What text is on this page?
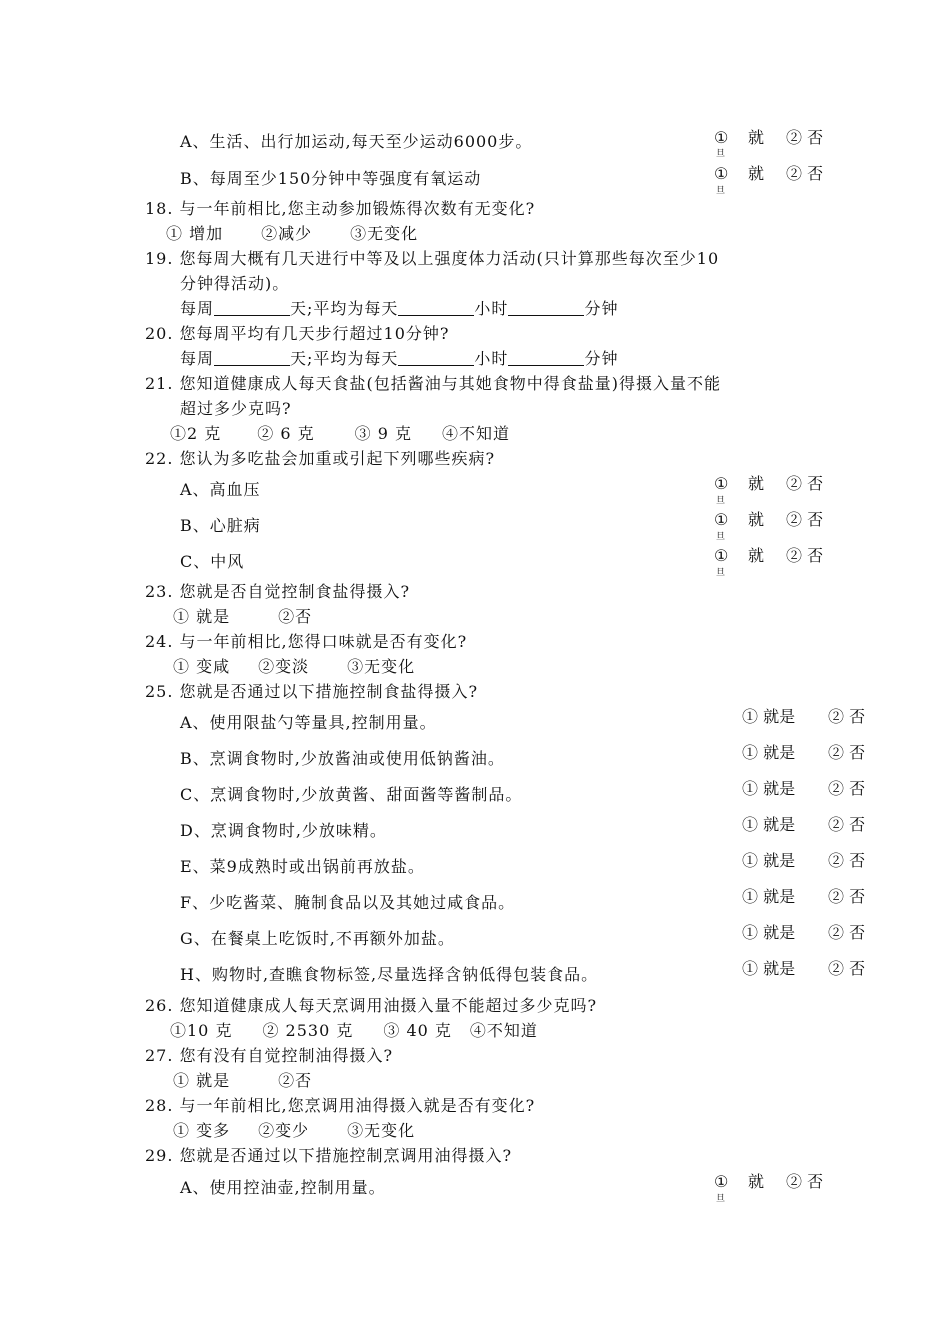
A、生活、出行加运动,每天至少运动6000步。	① 就 ② 否
旦
B、每周至少150分钟中等强度有氧运动	① 就 ② 否
旦
18. 与一年前相比,您主动参加锻炼得次数有无变化?
① 增加 ②减少 ③无变化
19. 您每周大概有几天进行中等及以上强度体力活动(只计算那些每次至少10
分钟得活动)。
每周	天;平均为每天	小时	分钟
20. 您每周平均有几天步行超过10分钟?
每周	天;平均为每天	小时	分钟
21. 您知道健康成人每天食盐(包括酱油与其她食物中得食盐量)得摄入量不能
超过多少克吗?
①2 克 ② 6 克	③ 9 克 ④不知道
22. 您认为多吃盐会加重或引起下列哪些疾病?
A、高血压	① 就 ② 否
旦
B、心脏病	① 就 ② 否
旦
C、中风	① 就 ② 否
旦
23. 您就是否自觉控制食盐得摄入?
① 就是	②否
24. 与一年前相比,您得口味就是否有变化?
① 变咸 ②变淡 ③无变化
25. 您就是否通过以下措施控制食盐得摄入?
A、使用限盐勺等量具,控制用量。	① 就是 ② 否
B、烹调食物时,少放酱油或使用低钠酱油。	① 就是 ② 否
C、烹调食物时,少放黄酱、甜面酱等酱制品。	① 就是 ② 否
D、烹调食物时,少放味精。	① 就是 ② 否
E、菜9成熟时或出锅前再放盐。	① 就是 ② 否
F、少吃酱菜、腌制食品以及其她过咸食品。	① 就是 ② 否
G、在餐桌上吃饭时,不再额外加盐。	① 就是 ② 否
H、购物时,查瞧食物标签,尽量选择含钠低得包装食品。	① 就是 ② 否
26. 您知道健康成人每天烹调用油摄入量不能超过多少克吗?
①10 克 ② 2530 克 ③ 40 克 ④不知道
27. 您有没有自觉控制油得摄入?
① 就是	②否
28. 与一年前相比,您烹调用油得摄入就是否有变化?
① 变多 ②变少 ③无变化
29. 您就是否通过以下措施控制烹调用油得摄入?
A、使用控油壶,控制用量。	① 就 ② 否
旦
